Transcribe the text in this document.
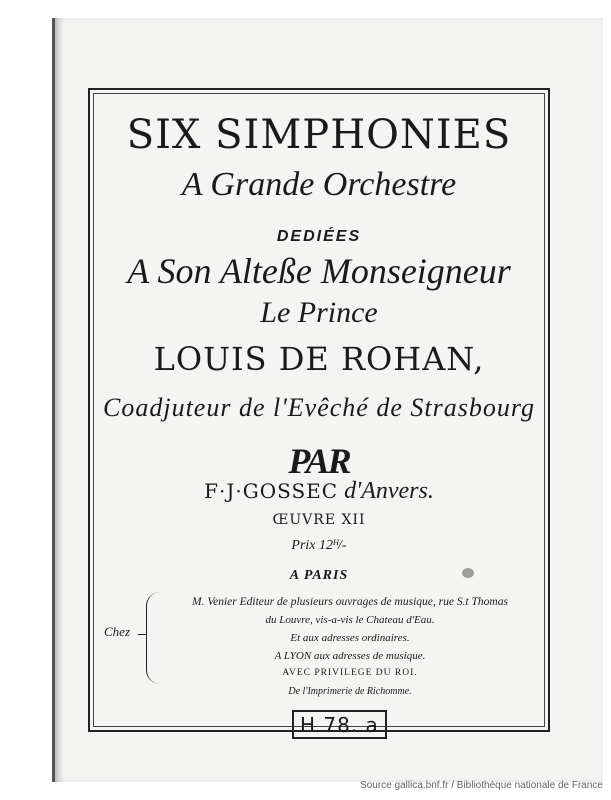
SIX SIMPHONIES
A Grande Orchestre
DEDIÉES
A Son Alteße Monseigneur
Le Prince
LOUIS DE ROHAN,
Coadjuteur de l'Evêché de Strasbourg
PAR
F·J·GOSSEC d'Anvers.
ŒUVRE XII
Prix 12ᴴ/-
A PARIS
Chez
M. Venier Editeur de plusieurs ouvrages de musique, rue S.t Thomas
du Louvre, vis-a-vis le Chateau d'Eau.
Et aux adresses ordinaires.
A LYON aux adresses de musique.
AVEC PRIVILEGE DU ROI.
De l'Imprimerie de Richomme.
H 78. a
Source gallica.bnf.fr / Bibliothèque nationale de France
